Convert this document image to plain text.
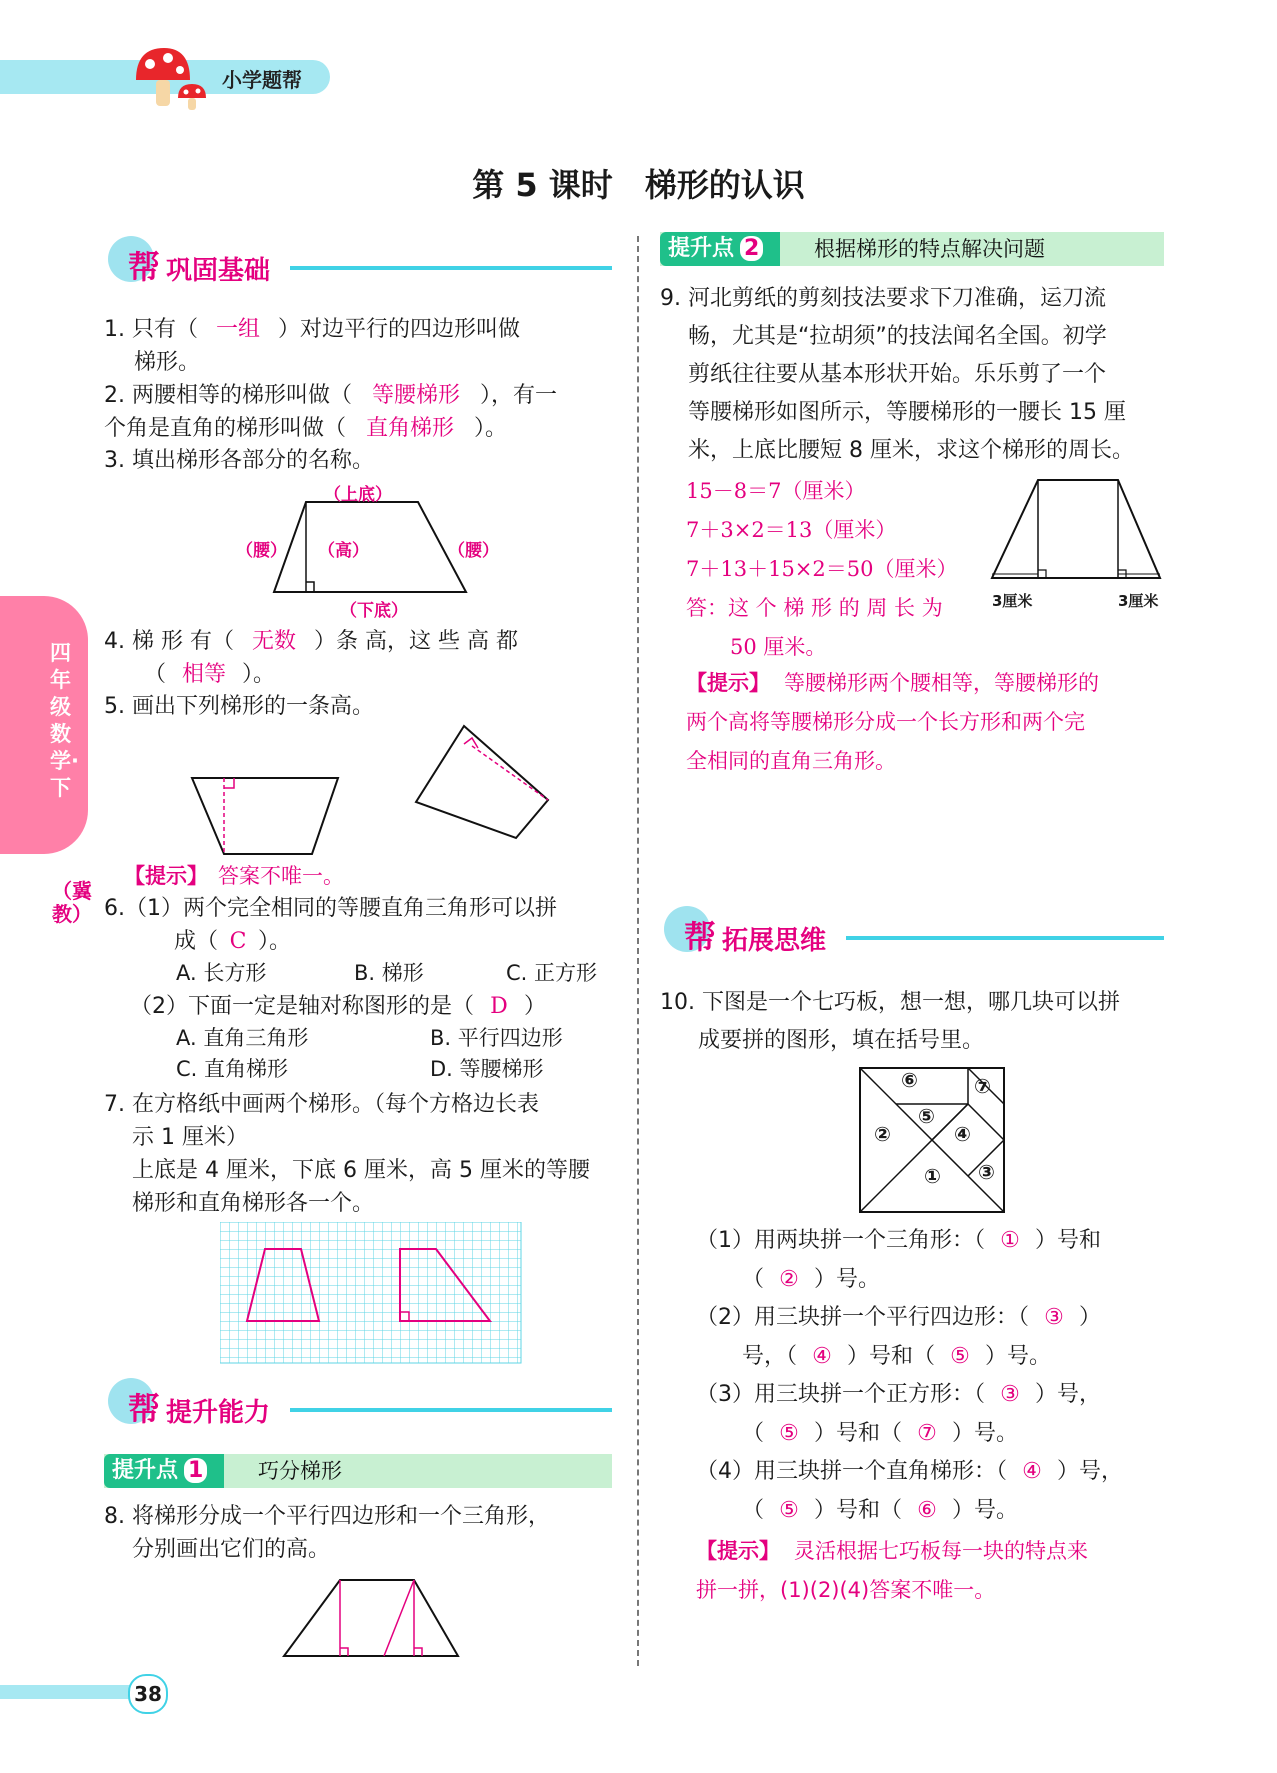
小学题帮
第 5 课时　梯形的认识
四年级数学·下
（冀教）
帮 巩固基础
1. 只有（ 一组 ）对边平行的四边形叫做
梯形。
2. 两腰相等的梯形叫做（ 等腰梯形 ），有一
个角是直角的梯形叫做（ 直角梯形 ）。
3. 填出梯形各部分的名称。
（上底）
（腰） （高）	（腰）
（下底）
4. 梯 形 有（ 无数 ）条 高，这 些 高 都
（ 相等 ）。
5. 画出下列梯形的一条高。
【提示】 答案不唯一。
6.（1）两个完全相同的等腰直角三角形可以拼
成（ C ）。
A. 长方形	B. 梯形	C. 正方形
（2）下面一定是轴对称图形的是（ D ）
A. 直角三角形	B. 平行四边形
C. 直角梯形	D. 等腰梯形
7. 在方格纸中画两个梯形。（每个方格边长表
示 1 厘米）
上底是 4 厘米，下底 6 厘米，高 5 厘米的等腰
梯形和直角梯形各一个。
帮 提升能力
提升点 1	巧分梯形
8. 将梯形分成一个平行四边形和一个三角形，
分别画出它们的高。
38
提升点 2	根据梯形的特点解决问题
9. 河北剪纸的剪刻技法要求下刀准确，运刀流
畅，尤其是“拉胡须”的技法闻名全国。初学
剪纸往往要从基本形状开始。乐乐剪了一个
等腰梯形如图所示，等腰梯形的一腰长 15 厘
米，上底比腰短 8 厘米，求这个梯形的周长。
15－8＝7（厘米）
7＋3×2＝13（厘米）
7＋13＋15×2＝50（厘米）
答：这 个 梯 形 的 周 长 为
50 厘米。
3厘米	3厘米
【提示】 等腰梯形两个腰相等，等腰梯形的
两个高将等腰梯形分成一个长方形和两个完
全相同的直角三角形。
帮 拓展思维
10. 下图是一个七巧板，想一想，哪几块可以拼
成要拼的图形，填在括号里。
⑥	⑦
⑤
②	④
① ③
（1）用两块拼一个三角形：（ ① ）号和
（ ② ）号。
（2）用三块拼一个平行四边形：（ ③ ）
号，（ ④ ）号和（ ⑤ ）号。
（3）用三块拼一个正方形：（ ③ ）号，
（ ⑤ ）号和（ ⑦ ）号。
（4）用三块拼一个直角梯形：（ ④ ）号，
（ ⑤ ）号和（ ⑥ ）号。
【提示】 灵活根据七巧板每一块的特点来
拼一拼，(1)(2)(4)答案不唯一。
